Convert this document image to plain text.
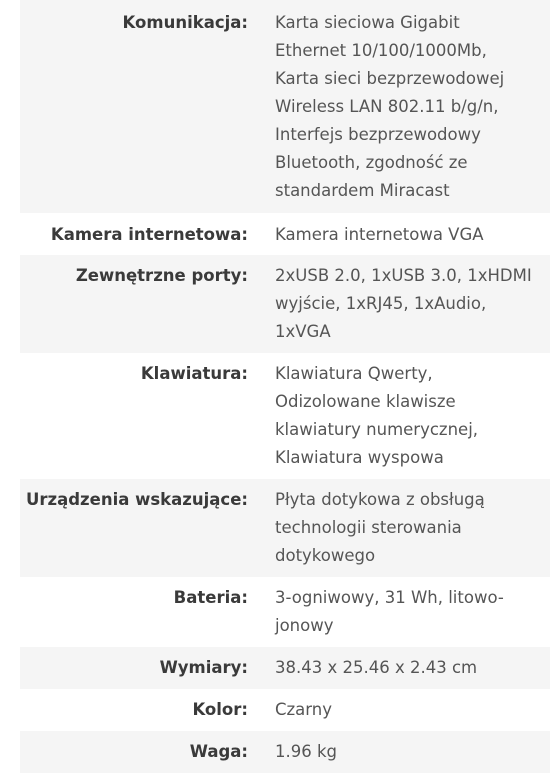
Komunikacja: Karta sieciowa Gigabit
Ethernet 10/100/1000Mb,
Karta sieci bezprzewodowej
Wireless LAN 802.11 b/g/n,
Interfejs bezprzewodowy
Bluetooth, zgodność ze
standardem Miracast
Kamera internetowa: Kamera internetowa VGA
Zewnętrzne porty: 2xUSB 2.0, 1xUSB 3.0, 1xHDMI
wyjście, 1xRJ45, 1xAudio,
1xVGA
Klawiatura: Klawiatura Qwerty,
Odizolowane klawisze
klawiatury numerycznej,
Klawiatura wyspowa
Urządzenia wskazujące: Płyta dotykowa z obsługą
technologii sterowania
dotykowego
Bateria: 3-ogniwowy, 31 Wh, litowo-
jonowy
Wymiary: 38.43 x 25.46 x 2.43 cm
Kolor: Czarny
Waga: 1.96 kg
